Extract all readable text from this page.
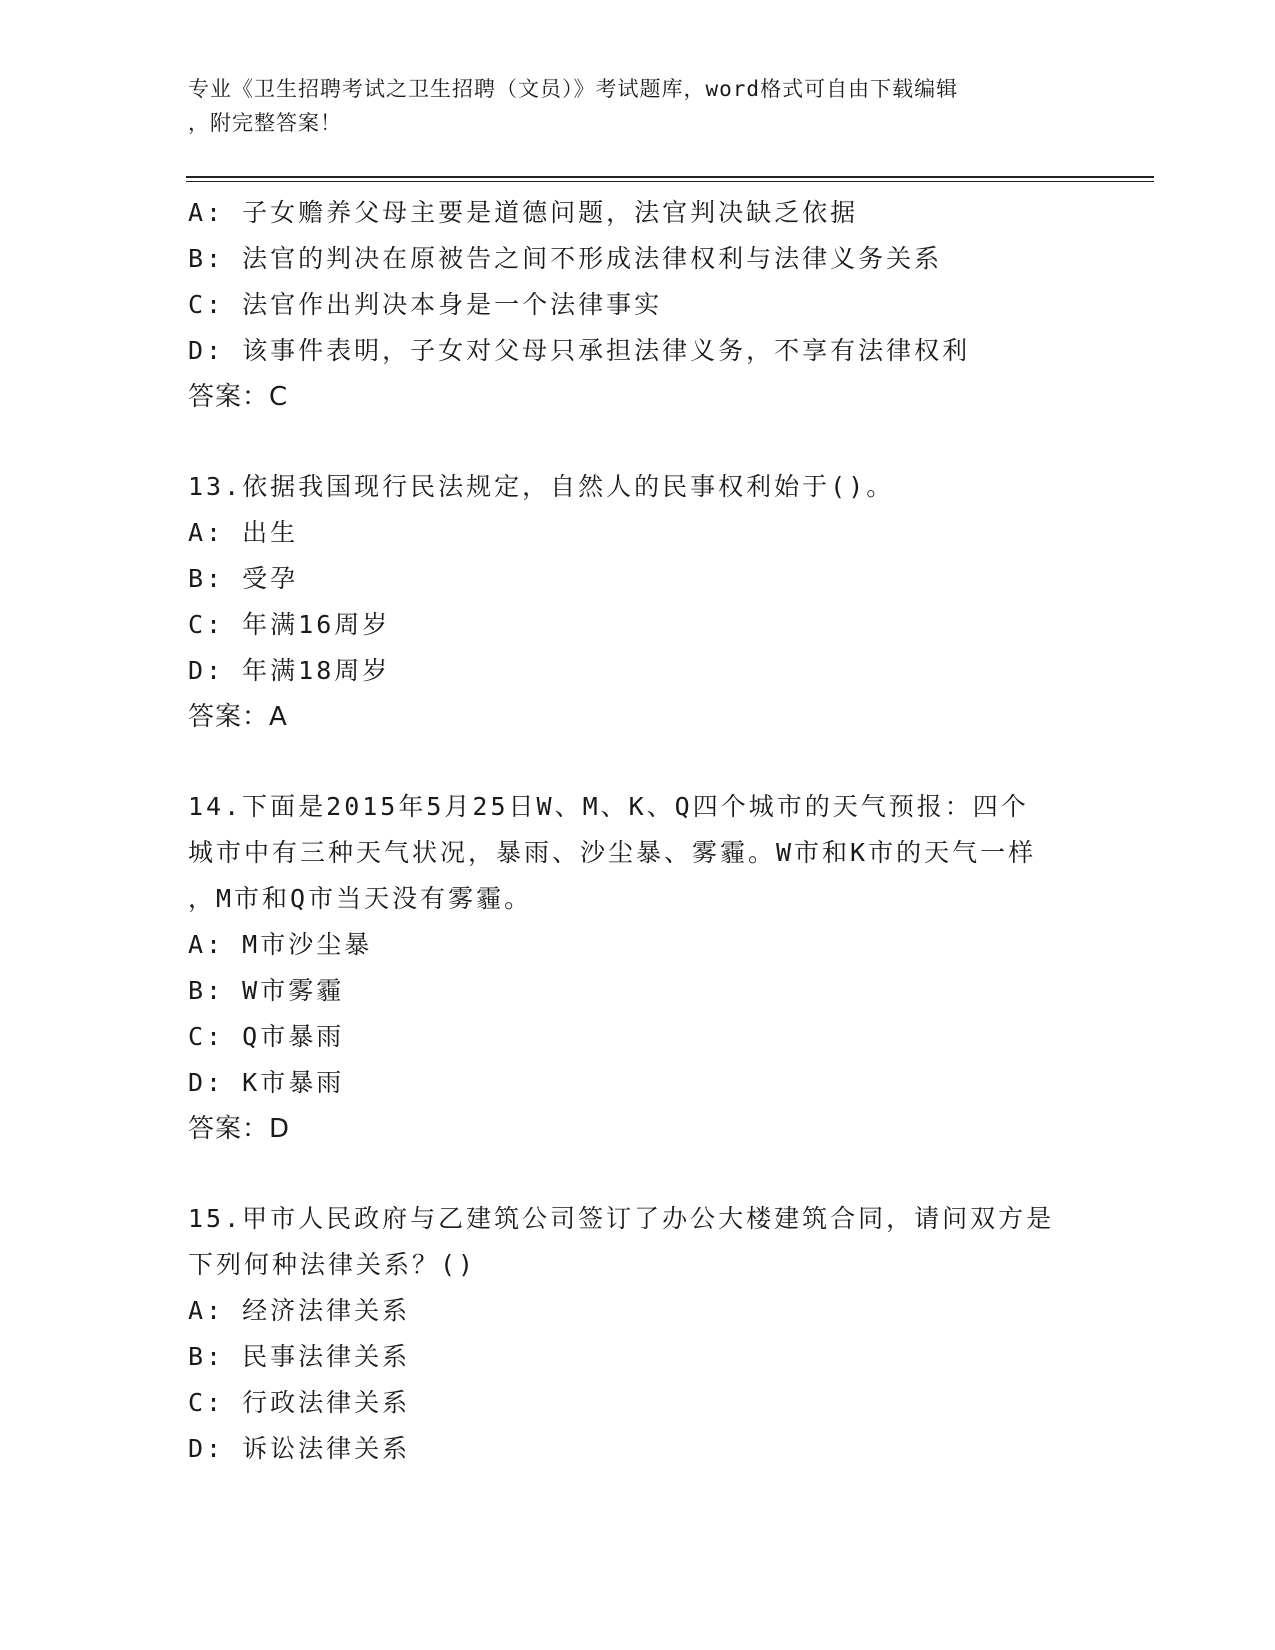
专业《卫生招聘考试之卫生招聘（文员）》考试题库，word格式可自由下载编辑
，附完整答案！
A: 子女赡养父母主要是道德问题，法官判决缺乏依据
B: 法官的判决在原被告之间不形成法律权利与法律义务关系
C: 法官作出判决本身是一个法律事实
D: 该事件表明，子女对父母只承担法律义务，不享有法律权利
答案：C
13.依据我国现行民法规定，自然人的民事权利始于()。
A: 出生
B: 受孕
C: 年满16周岁
D: 年满18周岁
答案：A
14.下面是2015年5月25日W、M、K、Q四个城市的天气预报：四个
城市中有三种天气状况，暴雨、沙尘暴、雾霾。W市和K市的天气一样
，M市和Q市当天没有雾霾。
A: M市沙尘暴
B: W市雾霾
C: Q市暴雨
D: K市暴雨
答案：D
15.甲市人民政府与乙建筑公司签订了办公大楼建筑合同，请问双方是
下列何种法律关系？()
A: 经济法律关系
B: 民事法律关系
C: 行政法律关系
D: 诉讼法律关系
